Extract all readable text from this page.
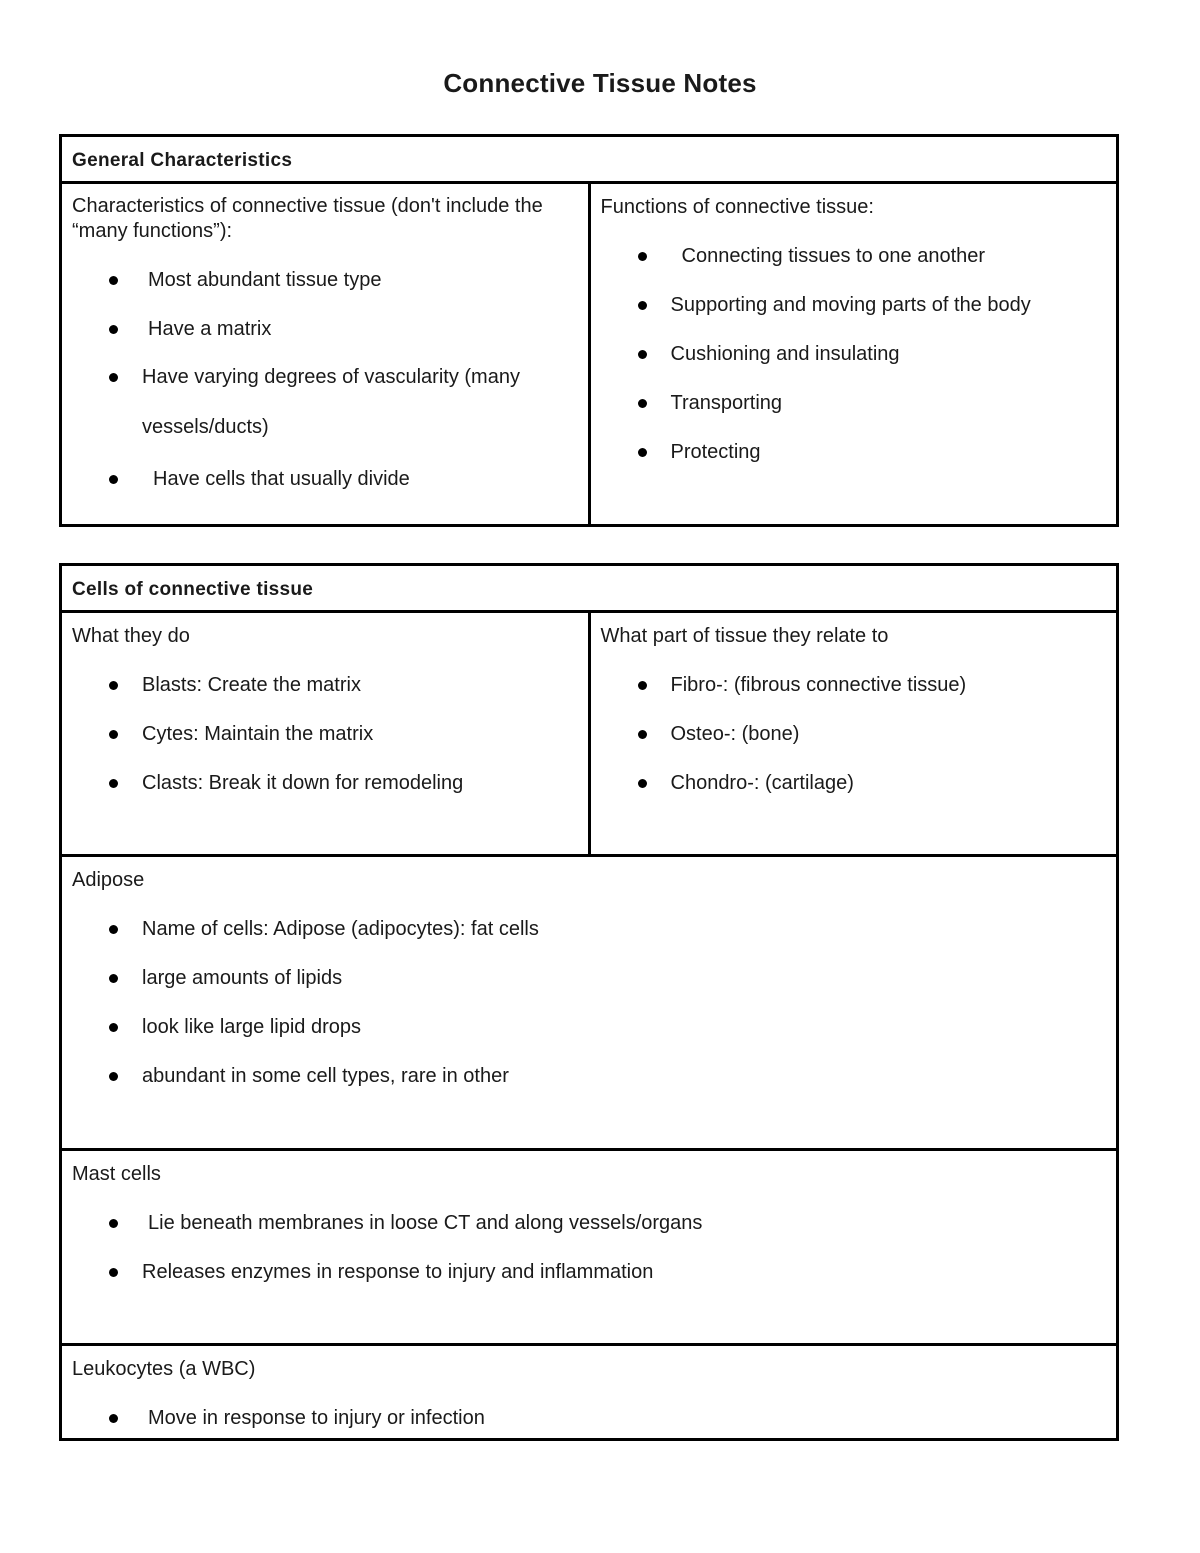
Connective Tissue Notes
General Characteristics

Characteristics of connective tissue (don't include the “many functions”):
Most abundant tissue type
Have a matrix
Have varying degrees of vascularity (many vessels/ducts)
Have cells that usually divide

Functions of connective tissue:
Connecting tissues to one another
Supporting and moving parts of the body
Cushioning and insulating
Transporting
Protecting
Cells of connective tissue

What they do
Blasts: Create the matrix
Cytes: Maintain the matrix
Clasts: Break it down for remodeling

What part of tissue they relate to
Fibro-: (fibrous connective tissue)
Osteo-: (bone)
Chondro-: (cartilage)

Adipose
Name of cells: Adipose (adipocytes): fat cells
large amounts of lipids
look like large lipid drops
abundant in some cell types, rare in other

Mast cells
Lie beneath membranes in loose CT and along vessels/organs
Releases enzymes in response to injury and inflammation

Leukocytes (a WBC)
Move in response to injury or infection
